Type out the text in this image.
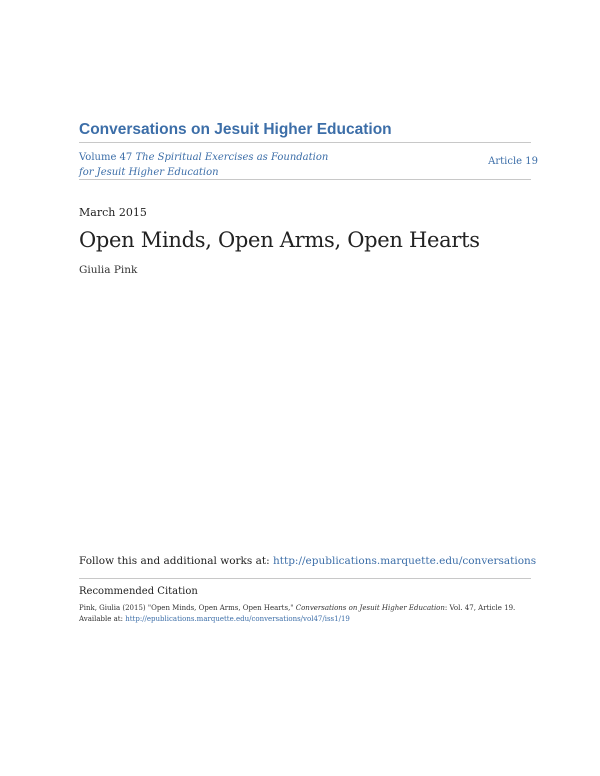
Conversations on Jesuit Higher Education
Volume 47 The Spiritual Exercises as Foundation for Jesuit Higher Education
Article 19
March 2015
Open Minds, Open Arms, Open Hearts
Giulia Pink
Follow this and additional works at: http://epublications.marquette.edu/conversations
Recommended Citation
Pink, Giulia (2015) "Open Minds, Open Arms, Open Hearts," Conversations on Jesuit Higher Education: Vol. 47, Article 19.
Available at: http://epublications.marquette.edu/conversations/vol47/iss1/19
